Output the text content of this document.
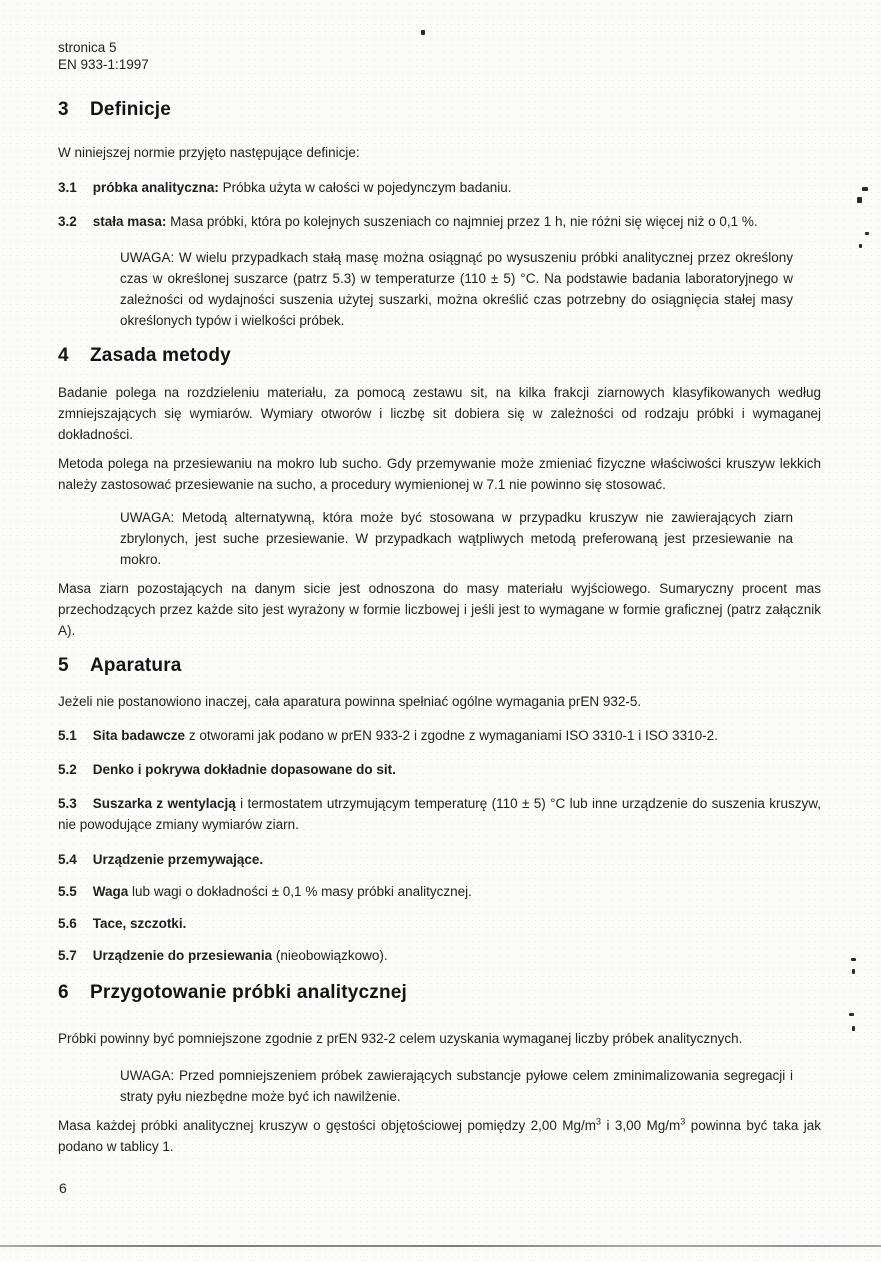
stronica 5
EN 933-1:1997
3 Definicje

W niniejszej normie przyjęto następujące definicje:

3.1 próbka analityczna: Próbka użyta w całości w pojedynczym badaniu.

3.2 stała masa: Masa próbki, która po kolejnych suszeniach co najmniej przez 1 h, nie różni się więcej niż o 0,1 %.

UWAGA: W wielu przypadkach stałą masę można osiągnąć po wysuszeniu próbki analitycznej przez określony czas w określonej suszarce (patrz 5.3) w temperaturze (110 ± 5) °C. Na podstawie badania laboratoryjnego w zależności od wydajności suszenia użytej suszarki, można określić czas potrzebny do osiągnięcia stałej masy określonych typów i wielkości próbek.

4 Zasada metody

Badanie polega na rozdzieleniu materiału, za pomocą zestawu sit, na kilka frakcji ziarnowych klasyfikowanych według zmniejszających się wymiarów. Wymiary otworów i liczbę sit dobiera się w zależności od rodzaju próbki i wymaganej dokładności.

Metoda polega na przesiewaniu na mokro lub sucho. Gdy przemywanie może zmieniać fizyczne właściwości kruszyw lekkich należy zastosować przesiewanie na sucho, a procedury wymienionej w 7.1 nie powinno się stosować.

UWAGA: Metodą alternatywną, która może być stosowana w przypadku kruszyw nie zawierających ziarn zbrylonych, jest suche przesiewanie. W przypadkach wątpliwych metodą preferowaną jest przesiewanie na mokro.

Masa ziarn pozostających na danym sicie jest odnoszona do masy materiału wyjściowego. Sumaryczny procent mas przechodzących przez każde sito jest wyrażony w formie liczbowej i jeśli jest to wymagane w formie graficznej (patrz załącznik A).

5 Aparatura

Jeżeli nie postanowiono inaczej, cała aparatura powinna spełniać ogólne wymagania prEN 932-5.

5.1 Sita badawcze z otworami jak podano w prEN 933-2 i zgodne z wymaganiami ISO 3310-1 i ISO 3310-2.

5.2 Denko i pokrywa dokładnie dopasowane do sit.

5.3 Suszarka z wentylacją i termostatem utrzymującym temperaturę (110 ± 5) °C lub inne urządzenie do suszenia kruszyw, nie powodujące zmiany wymiarów ziarn.

5.4 Urządzenie przemywające.

5.5 Waga lub wagi o dokładności ± 0,1 % masy próbki analitycznej.

5.6 Tace, szczotki.

5.7 Urządzenie do przesiewania (nieobowiązkowo).

6 Przygotowanie próbki analitycznej

Próbki powinny być pomniejszone zgodnie z prEN 932-2 celem uzyskania wymaganej liczby próbek analitycznych.

UWAGA: Przed pomniejszeniem próbek zawierających substancje pyłowe celem zminimalizowania segregacji i straty pyłu niezbędne może być ich nawilżenie.

Masa każdej próbki analitycznej kruszyw o gęstości objętościowej pomiędzy 2,00 $Mg/m^3$ i 3,00 $Mg/m^3$ powinna być taka jak podano w tablicy 1.

6
